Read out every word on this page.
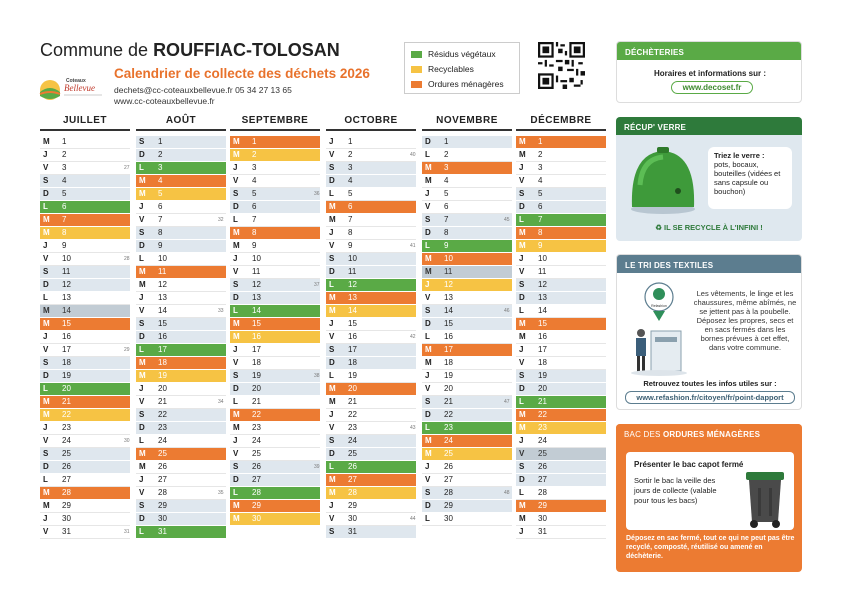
Commune de ROUFFIAC-TOLOSAN
Coteaux
Bellevue
Calendrier de collecte des déchets 2026
dechets@cc-coteauxbellevue.fr 05 34 27 13 65
www.cc-coteauxbellevue.fr
Résidus végétaux
Recyclables
Ordures ménagères
JUILLET
M 1
J 2
V 3
S 4
D 5
L 6
M 7
M 8
J 9
V 10
S 11
D 12
L 13
M 14
M 15
J 16
V 17
S 18
D 19
L 20
M 21
M 22
J 23
V 24
S 25
D 26
L 27
M 28
M 29
J 30
V 31
AOÛT
S 1
D 2
L 3
27
M 4
M 5
J 6
V 7
S 8
D 9
L 10
28
M 11
M 12
J 13
V 14
S 15
D 16
L 17
29
M 18
M 19
J 20
V 21
S 22
D 23
L 24
30
M 25
M 26
J 27
V 28
S 29
D 30
L 31
31
SEPTEMBRE
M 1
M 2
J 3
V 4
S 5
D 6
L 7
32
M 8
M 9
J 10
V 11
S 12
D 13
L 14
33
M 15
M 16
J 17
V 18
S 19
D 20
L 21
34
M 22
M 23
J 24
V 25
S 26
D 27
L 28
35
M 29
M 30
OCTOBRE
J 1
V 2
S 3
D 4
L 5
36
M 6
M 7
J 8
V 9
S 10
D 11
L 12
37
M 13
M 14
J 15
V 16
S 17
D 18
L 19
38
M 20
M 21
J 22
V 23
S 24
D 25
L 26
39
M 27
M 28
J 29
V 30
S 31
NOVEMBRE
D 1
L 2
40
M 3
M 4
J 5
V 6
S 7
D 8
L 9
41
M 10
M 11
J 12
V 13
S 14
D 15
L 16
42
M 17
M 18
J 19
V 20
S 21
D 22
L 23
43
M 24
M 25
J 26
V 27
S 28
D 29
L 30
44
DÉCEMBRE
M 1
M 2
J 3
V 4
S 5
D 6
L 7
45
M 8
M 9
J 10
V 11
S 12
D 13
L 14
46
M 15
M 16
J 17
V 18
S 19
D 20
L 21
47
M 22
M 23
J 24
V 25
S 26
D 27
L 28
48
M 29
M 30
J 31
DÉCHÈTERIES
Horaires et informations sur :
www.decoset.fr
RÉCUP' VERRE
Triez le verre :
pots, bocaux, bouteilles (vidées et sans capsule ou bouchon)
♻ IL SE RECYCLE À L'INFINI !
LE TRI DES TEXTILES
Refashion
Les vêtements, le linge et les chaussures, même abîmés, ne se jettent pas à la poubelle. Déposez les propres, secs et en sacs fermés dans les bornes prévues à cet effet, dans votre commune.
Retrouvez toutes les infos utiles sur :
www.refashion.fr/citoyen/fr/point-dapport
BAC DES ORDURES MÉNAGÈRES
Présenter le bac capot fermé
Sortir le bac la veille des jours de collecte (valable pour tous les bacs)
Déposez en sac fermé, tout ce qui ne peut pas être recyclé, composté, réutilisé ou amené en déchèterie.
